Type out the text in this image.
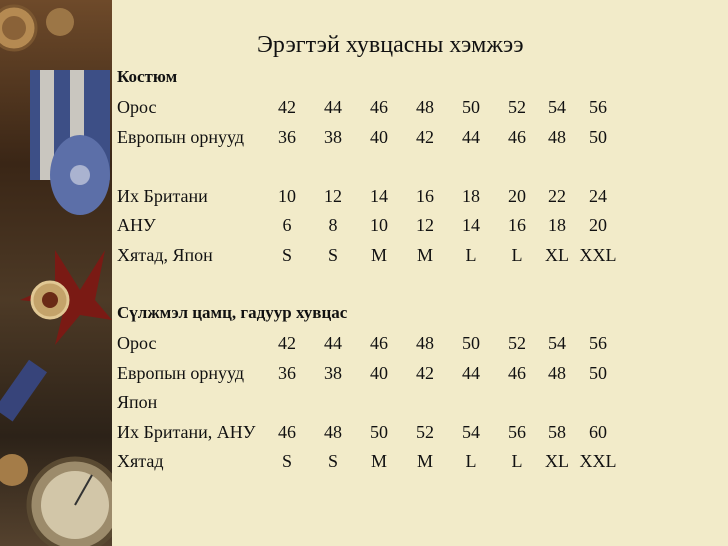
Эрэгтэй хувцасны хэмжээ
Костюм
Орос	42 44 46 48 50 52 54 56
Европын орнууд 36 38 40 42 44 46 48 50
Их Британи	10 12 14 16 18 20 22 24
АНУ	6 8 10 12 14 16 18 20
Хятад, Япон	S S M M L L XL XXL
Сүлжмэл цамц, гадуур хувцас
Орос	42 44 46 48 50 52 54 56
Европын орнууд 36 38 40 42 44 46 48 50
Япон
Их Британи, АНУ 46 48 50 52 54 56 58 60
Хятад	S S M M L L XL XXL
